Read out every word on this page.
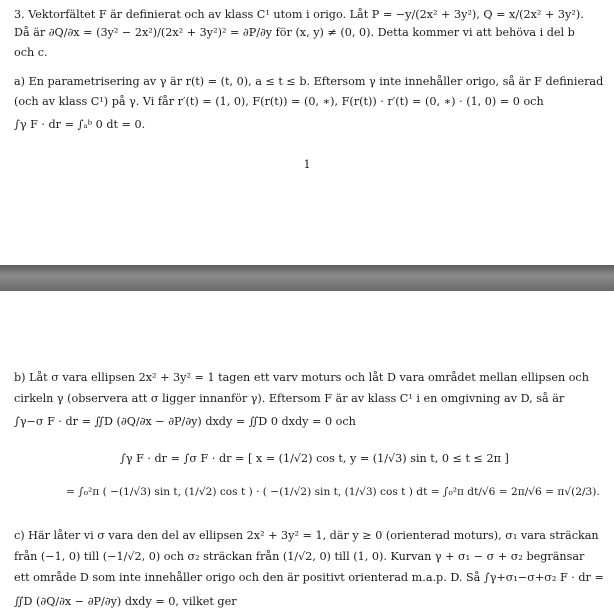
3. Vektorfältet F är definierat och av klass C¹ utom i origo. Låt P = −y/(2x² + 3y²), Q = x/(2x² + 3y²).
Då är ∂Q/∂x = (3y² − 2x²)/(2x² + 3y²)² = ∂P/∂y för (x, y) ≠ (0, 0). Detta kommer vi att behöva i del b
och c.
a) En parametrisering av γ är r(t) = (t, 0), a ≤ t ≤ b. Eftersom γ inte innehåller origo, så är F definierad
(och av klass C¹) på γ. Vi får r′(t) = (1, 0), F(r(t)) = (0, ∗), F(r(t)) · r′(t) = (0, ∗) · (1, 0) = 0 och
∫γ F · dr = ∫ₐᵇ 0 dt = 0.
1
b) Låt σ vara ellipsen 2x² + 3y² = 1 tagen ett varv moturs och låt D vara området mellan ellipsen och
cirkeln γ (observera att σ ligger innanför γ). Eftersom F är av klass C¹ i en omgivning av D, så är
∫γ−σ F · dr = ∬D (∂Q/∂x − ∂P/∂y) dxdy = ∬D 0 dxdy = 0 och
∫γ F · dr = ∫σ F · dr = [ x = (1/√2) cos t, y = (1/√3) sin t, 0 ≤ t ≤ 2π ]
= ∫₀²π ( −(1/√3) sin t, (1/√2) cos t ) · ( −(1/√2) sin t, (1/√3) cos t ) dt = ∫₀²π dt/√6 = 2π/√6 = π√(2/3).
c) Här låter vi σ vara den del av ellipsen 2x² + 3y² = 1, där y ≥ 0 (orienterad moturs), σ₁ vara sträckan
från (−1, 0) till (−1/√2, 0) och σ₂ sträckan från (1/√2, 0) till (1, 0). Kurvan γ + σ₁ − σ + σ₂ begränsar
ett område D som inte innehåller origo och den är positivt orienterad m.a.p. D. Så ∫γ+σ₁−σ+σ₂ F · dr =
∬D (∂Q/∂x − ∂P/∂y) dxdy = 0, vilket ger
